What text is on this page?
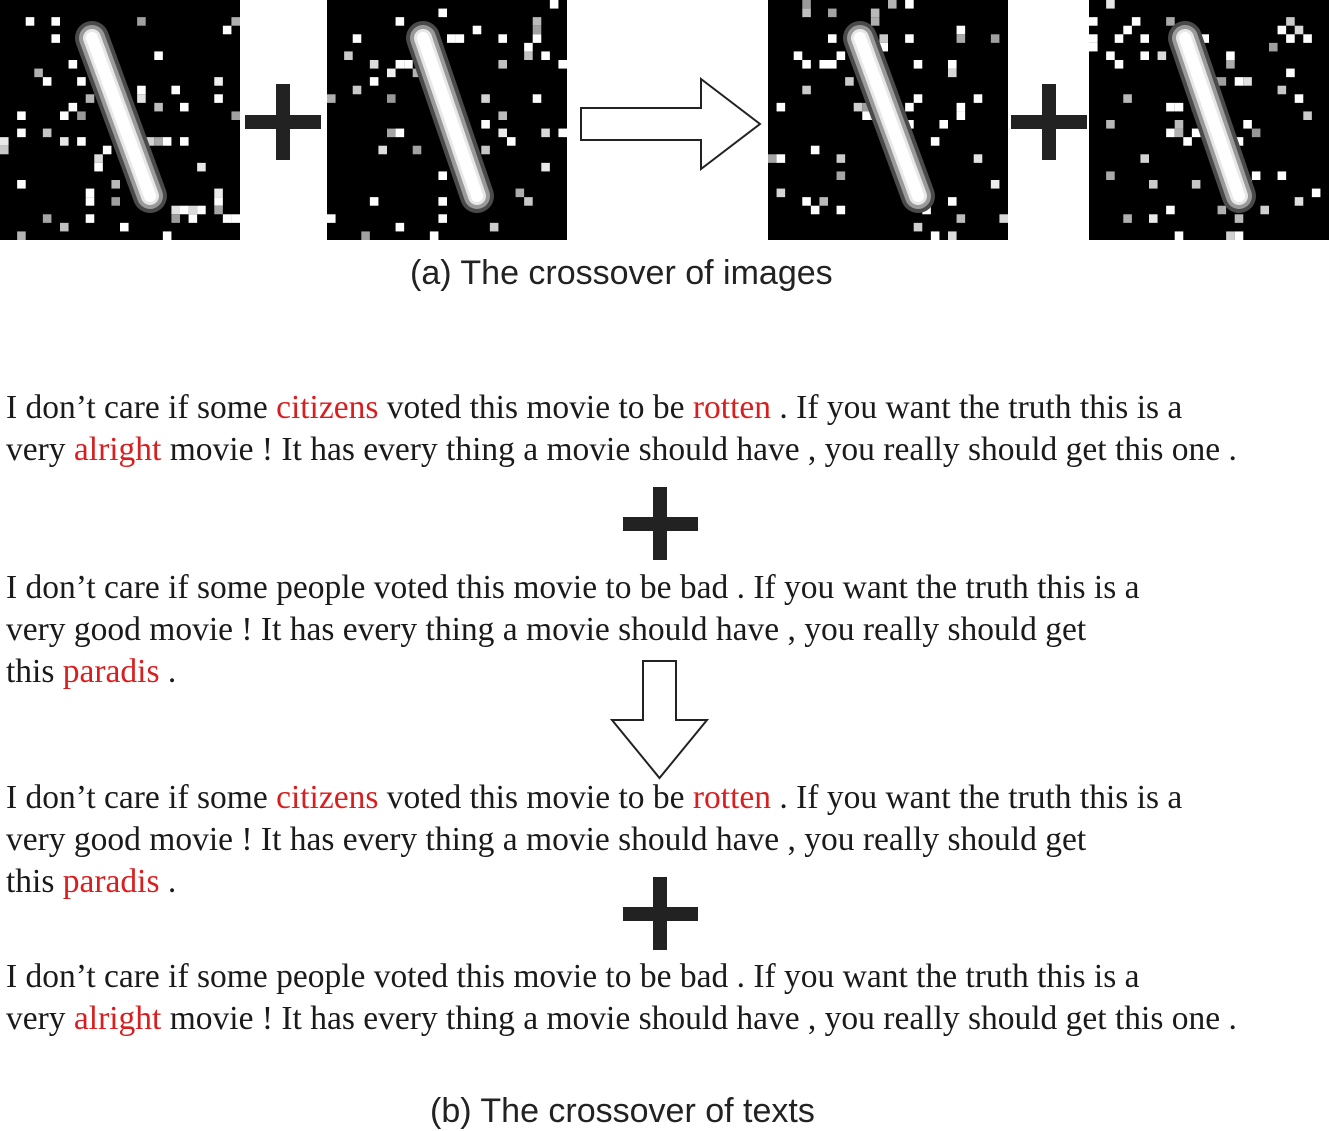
(a) The crossover of images
I don’t care if some citizens voted this movie to be rotten . If you want the truth this is a
very alright movie ! It has every thing a movie should have , you really should get this one .
I don’t care if some people voted this movie to be bad . If you want the truth this is a
very good movie ! It has every thing a movie should have , you really should get
this paradis .
I don’t care if some citizens voted this movie to be rotten . If you want the truth this is a
very good movie ! It has every thing a movie should have , you really should get
this paradis .
I don’t care if some people voted this movie to be bad . If you want the truth this is a
very alright movie ! It has every thing a movie should have , you really should get this one .
(b) The crossover of texts
